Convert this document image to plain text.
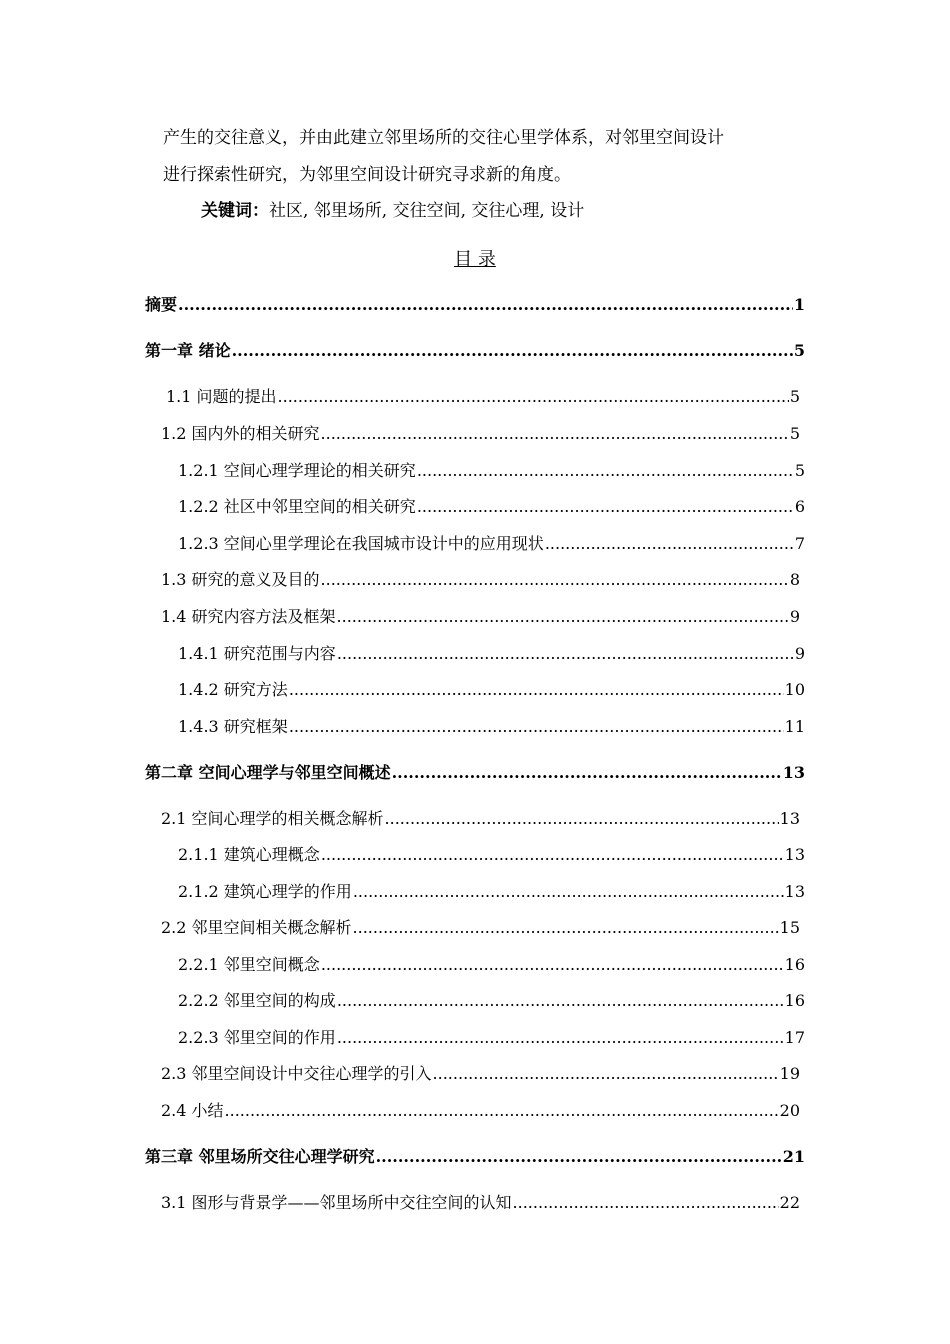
产生的交往意义，并由此建立邻里场所的交往心里学体系，对邻里空间设计
进行探索性研究，为邻里空间设计研究寻求新的角度。
关键词：社区, 邻里场所, 交往空间, 交往心理, 设计
目 录
摘要 .....	1
第一章 绪论 .....	5
1.1 问题的提出 .....	5
1.2 国内外的相关研究 .....	5
1.2.1 空间心理学理论的相关研究 .....	5
1.2.2 社区中邻里空间的相关研究 .....	6
1.2.3 空间心里学理论在我国城市设计中的应用现状 .....	7
1.3 研究的意义及目的 .....	8
1.4 研究内容方法及框架 .....	9
1.4.1 研究范围与内容 .....	9
1.4.2 研究方法 .....	10
1.4.3 研究框架 .....	11
第二章 空间心理学与邻里空间概述 .....	13
2.1 空间心理学的相关概念解析 .....	13
2.1.1 建筑心理概念 .....	13
2.1.2 建筑心理学的作用 .....	13
2.2 邻里空间相关概念解析 .....	15
2.2.1 邻里空间概念 .....	16
2.2.2 邻里空间的构成 .....	16
2.2.3 邻里空间的作用 .....	17
2.3 邻里空间设计中交往心理学的引入 .....	19
2.4 小结 .....	20
第三章 邻里场所交往心理学研究 .....	21
3.1 图形与背景学——邻里场所中交往空间的认知 .....	22
